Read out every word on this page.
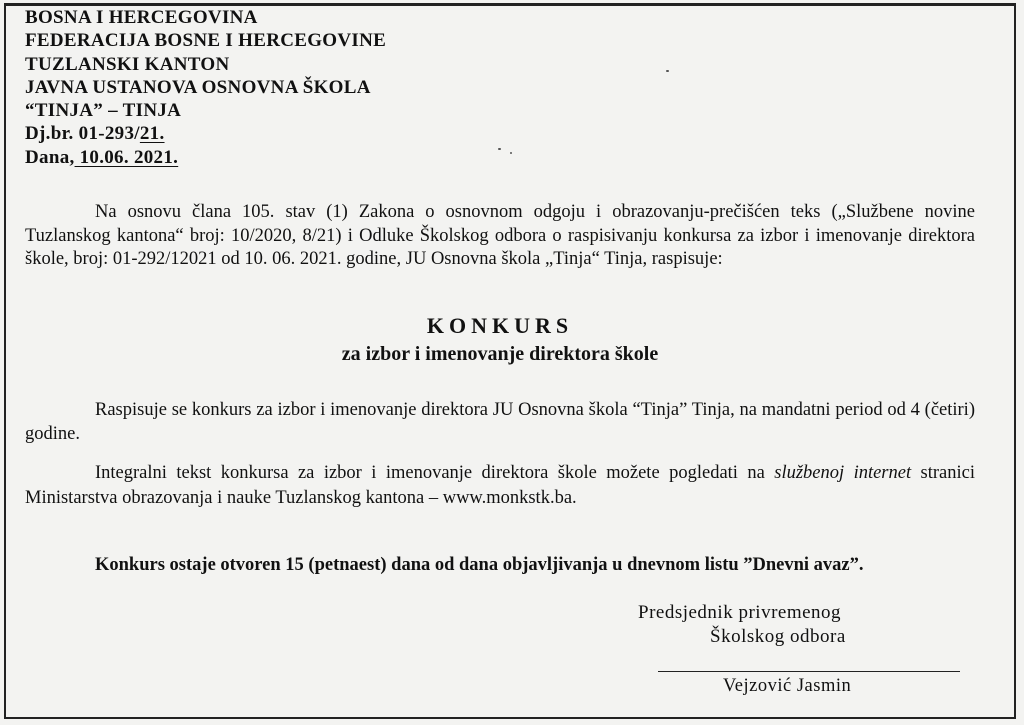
BOSNA I HERCEGOVINA
FEDERACIJA BOSNE I HERCEGOVINE
TUZLANSKI KANTON
JAVNA USTANOVA OSNOVNA ŠKOLA
“TINJA” – TINJA
Dj.br. 01-293/21.
Dana, 10.06. 2021.
Na osnovu člana 105. stav (1) Zakona o osnovnom odgoju i obrazovanju-prečišćen teks („Službene novine Tuzlanskog kantona“ broj: 10/2020, 8/21) i Odluke Školskog odbora o raspisivanju konkursa za izbor i imenovanje direktora škole, broj: 01-292/12021 od 10. 06. 2021. godine, JU Osnovna škola „Tinja“ Tinja, raspisuje:
KONKURS
za izbor i imenovanje direktora škole
Raspisuje se konkurs za izbor i imenovanje direktora JU Osnovna škola “Tinja” Tinja, na mandatni period od 4 (četiri) godine.
Integralni tekst konkursa za izbor i imenovanje direktora škole možete pogledati na službenoj internet stranici Ministarstva obrazovanja i nauke Tuzlanskog kantona – www.monkstk.ba.
Konkurs ostaje otvoren 15 (petnaest) dana od dana objavljivanja u dnevnom listu ”Dnevni avaz”.
Predsjednik privremenog
Školskog odbora
Vejzović Jasmin
